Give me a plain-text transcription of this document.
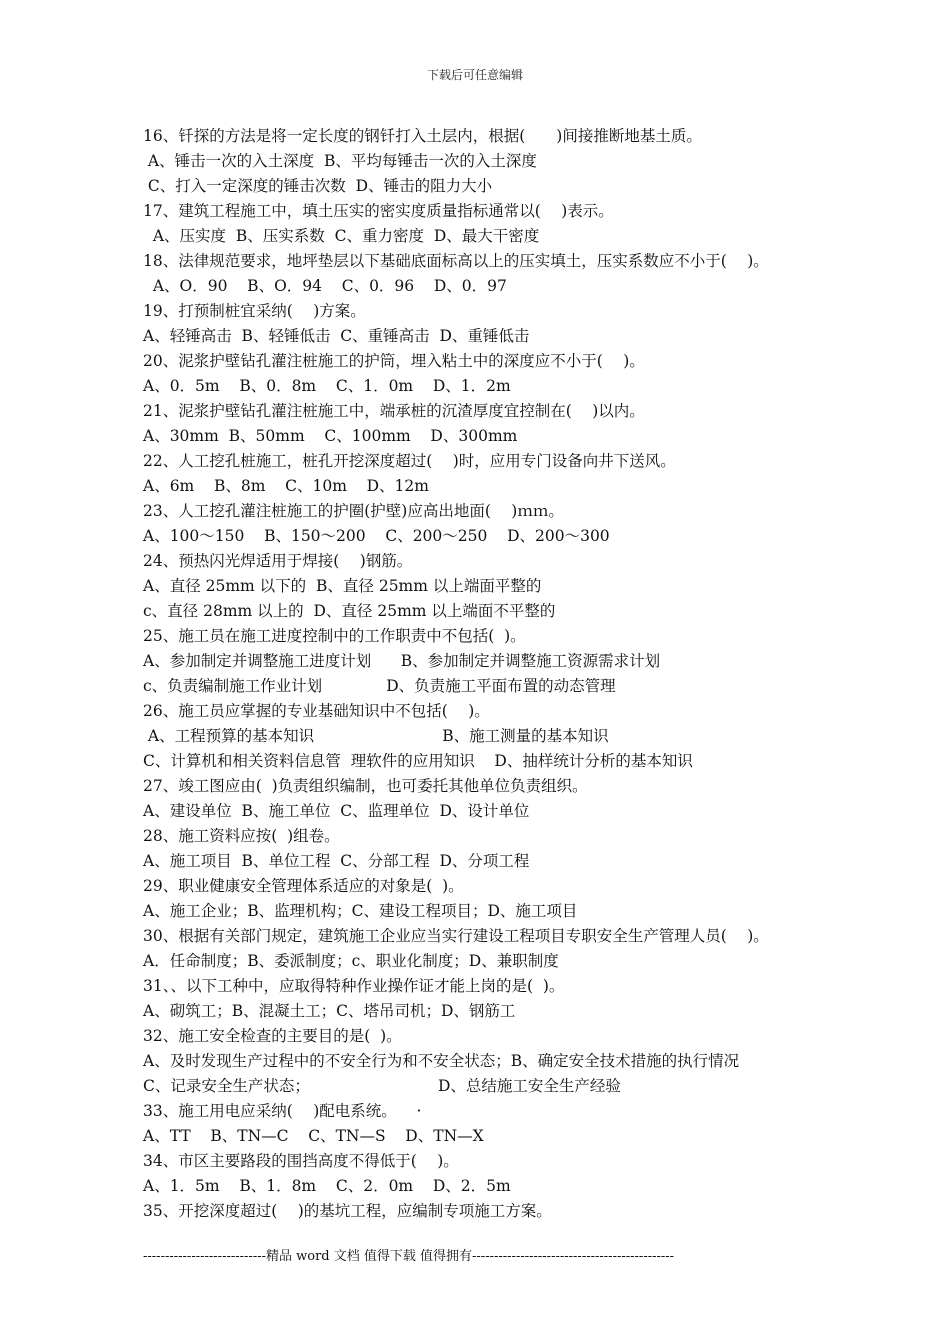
下载后可任意编辑
16、钎探的方法是将一定长度的钢钎打入土层内，根据(　　)间接推断地基土质。
A、锤击一次的入土深度  B、平均每锤击一次的入土深度
C、打入一定深度的锤击次数  D、锤击的阻力大小
17、建筑工程施工中，填土压实的密实度质量指标通常以(　 )表示。
A、压实度  B、压实系数  C、重力密度  D、最大干密度
18、法律规范要求，地坪垫层以下基础底面标高以上的压实填土，压实系数应不小于(　 )。
A、O．90    B、O．94    C、0．96    D、0．97
19、打预制桩宜采纳(　 )方案。
A、轻锤高击  B、轻锤低击  C、重锤高击  D、重锤低击
20、泥浆护壁钻孔灌注桩施工的护筒，埋入粘土中的深度应不小于(　 )。
A、0．5m    B、0．8m    C、1．0m    D、1．2m
21、泥浆护壁钻孔灌注桩施工中，端承桩的沉渣厚度宜控制在(　 )以内。
A、30mm  B、50mm    C、100mm    D、300mm
22、人工挖孔桩施工，桩孔开挖深度超过(　 )时，应用专门设备向井下送风。
A、6m    B、8m    C、10m    D、12m
23、人工挖孔灌注桩施工的护圈(护壁)应高出地面(　 )ｍｍ。
A、100～150    B、150～200    C、200～250    D、200～300
24、预热闪光焊适用于焊接(　 )钢筋。
A、直径 25mm 以下的  B、直径 25mm 以上端面平整的
c、直径 28mm 以上的  D、直径 25mm 以上端面不平整的
25、施工员在施工进度控制中的工作职责中不包括(  )。
A、参加制定并调整施工进度计划      B、参加制定并调整施工资源需求计划
c、负责编制施工作业计划             D、负责施工平面布置的动态管理
26、施工员应掌握的专业基础知识中不包括(　 )。
A、工程预算的基本知识                          B、施工测量的基本知识
C、计算机和相关资料信息管  理软件的应用知识    D、抽样统计分析的基本知识
27、竣工图应由(  )负责组织编制，也可委托其他单位负责组织。
A、建设单位  B、施工单位  C、监理单位  D、设计单位
28、施工资料应按(  )组卷。
A、施工项目  B、单位工程  C、分部工程  D、分项工程
29、职业健康安全管理体系适应的对象是(  )。
A、施工企业；B、监理机构；C、建设工程项目；D、施工项目
30、根据有关部门规定，建筑施工企业应当实行建设工程项目专职安全生产管理人员(　 )。
A．任命制度；B、委派制度；c、职业化制度；D、兼职制度
31、、以下工种中，应取得特种作业操作证才能上岗的是(  )。
A、砌筑工；B、混凝土工；C、塔吊司机；D、钢筋工
32、施工安全检查的主要目的是(  )。
A、及时发现生产过程中的不安全行为和不安全状态；B、确定安全技术措施的执行情况
C、记录安全生产状态；                          D、总结施工安全生产经验
33、施工用电应采纳(　 )配电系统。    ·
A、TT    B、TN—C    C、TN—S    D、TN—X
34、市区主要路段的围挡高度不得低于(　 )。
A、1．5m    B、1．8m    C、2．0m    D、2．5m
35、开挖深度超过(　 )的基坑工程，应编制专项施工方案。
----------------------------精品 word 文档 值得下载 值得拥有----------------------------------------------
